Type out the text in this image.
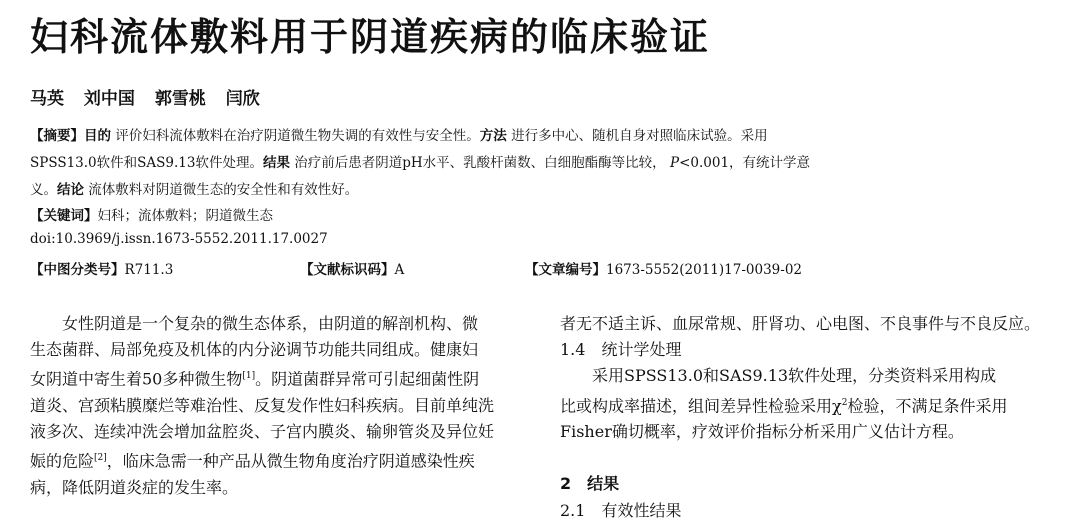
妇科流体敷料用于阴道疾病的临床验证
马英 刘中国 郭雪桃 闫欣
【摘要】目的 评价妇科流体敷料在治疗阴道微生物失调的有效性与安全性。方法 进行多中心、随机自身对照临床试验。采用
SPSS13.0软件和SAS9.13软件处理。结果 治疗前后患者阴道pH水平、乳酸杆菌数、白细胞酯酶等比较， P<0.001，有统计学意
义。结论 流体敷料对阴道微生态的安全性和有效性好。
【关键词】妇科；流体敷料；阴道微生态
doi:10.3969/j.issn.1673-5552.2011.17.0027
【中图分类号】R711.3	【文献标识码】A	【文章编号】1673-5552(2011)17-0039-02
女性阴道是一个复杂的微生态体系，由阴道的解剖机构、微
生态菌群、局部免疫及机体的内分泌调节功能共同组成。健康妇
女阴道中寄生着50多种微生物[1]。阴道菌群异常可引起细菌性阴
道炎、宫颈粘膜糜烂等难治性、反复发作性妇科疾病。目前单纯洗
液多次、连续冲洗会增加盆腔炎、子宫内膜炎、输卵管炎及异位妊
娠的危险[2]，临床急需一种产品从微生物角度治疗阴道感染性疾
病，降低阴道炎症的发生率。
者无不适主诉、血尿常规、肝肾功、心电图、不良事件与不良反应。
1.4　统计学处理
采用SPSS13.0和SAS9.13软件处理，分类资料采用构成
比或构成率描述，组间差异性检验采用$\chi^2$检验，不满足条件采用
Fisher确切概率，疗效评价指标分析采用广义估计方程。
2　结果
2.1　有效性结果
